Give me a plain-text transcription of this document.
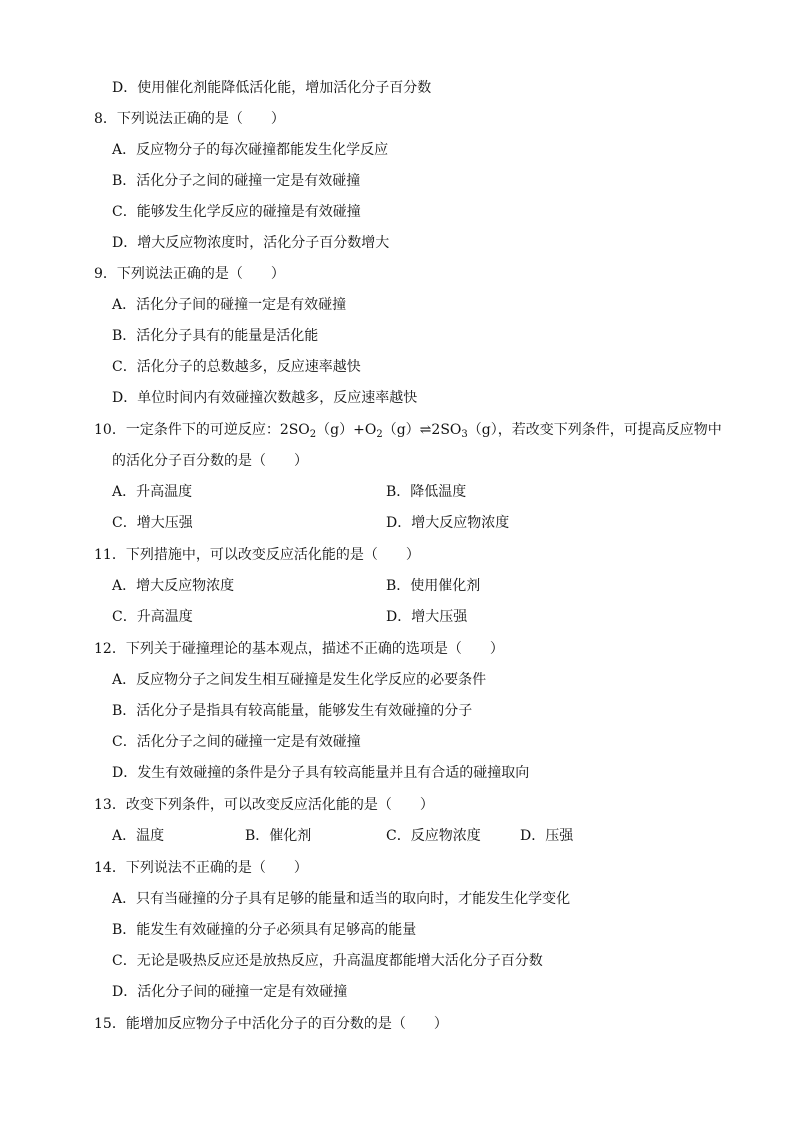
D．使用催化剂能降低活化能，增加活化分子百分数
8．下列说法正确的是（　　）
A．反应物分子的每次碰撞都能发生化学反应
B．活化分子之间的碰撞一定是有效碰撞
C．能够发生化学反应的碰撞是有效碰撞
D．增大反应物浓度时，活化分子百分数增大
9．下列说法正确的是（　　）
A．活化分子间的碰撞一定是有效碰撞
B．活化分子具有的能量是活化能
C．活化分子的总数越多，反应速率越快
D．单位时间内有效碰撞次数越多，反应速率越快
10．一定条件下的可逆反应：$2SO_2(g)+O_2(g)\rightleftharpoons 2SO_3(g)$，若改变下列条件，可提高反应物中
的活化分子百分数的是（　　）
A．升高温度	B．降低温度
C．增大压强	D．增大反应物浓度
11．下列措施中，可以改变反应活化能的是（　　）
A．增大反应物浓度	B．使用催化剂
C．升高温度	D．增大压强
12．下列关于碰撞理论的基本观点，描述不正确的选项是（　　）
A．反应物分子之间发生相互碰撞是发生化学反应的必要条件
B．活化分子是指具有较高能量，能够发生有效碰撞的分子
C．活化分子之间的碰撞一定是有效碰撞
D．发生有效碰撞的条件是分子具有较高能量并且有合适的碰撞取向
13．改变下列条件，可以改变反应活化能的是（　　）
A．温度	B．催化剂	C．反应物浓度	D．压强
14．下列说法不正确的是（　　）
A．只有当碰撞的分子具有足够的能量和适当的取向时，才能发生化学变化
B．能发生有效碰撞的分子必须具有足够高的能量
C．无论是吸热反应还是放热反应，升高温度都能增大活化分子百分数
D．活化分子间的碰撞一定是有效碰撞
15．能增加反应物分子中活化分子的百分数的是（　　）
